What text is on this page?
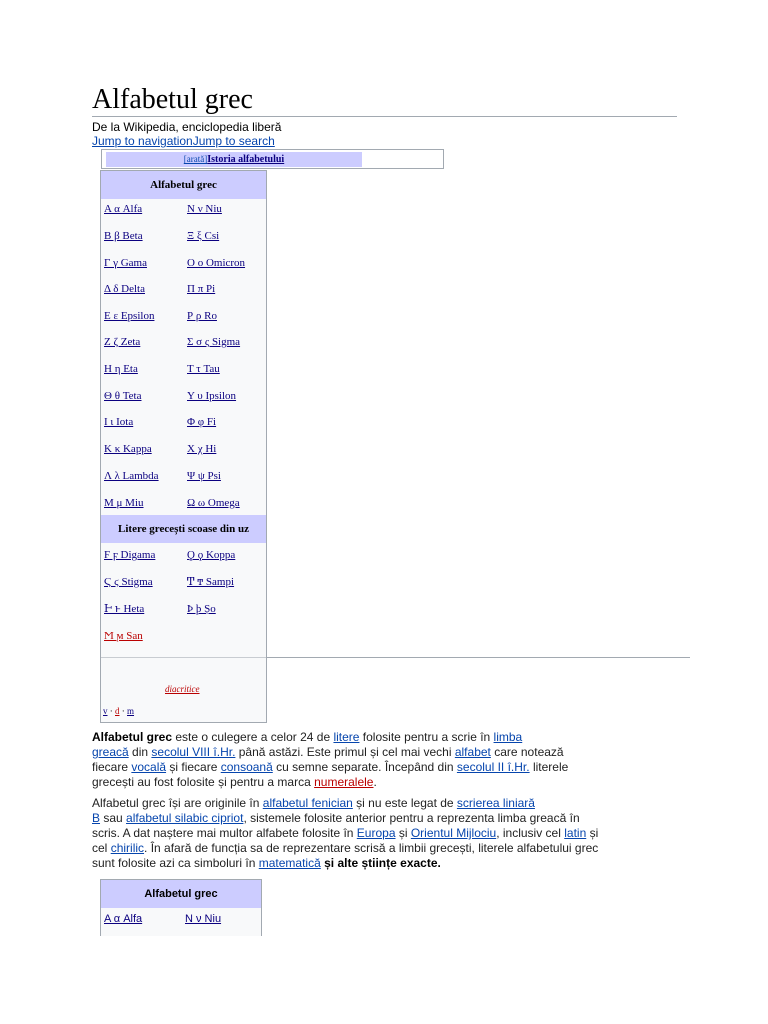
Alfabetul grec
De la Wikipedia, enciclopedia liberă
Jump to navigationJump to search
[arată]Istoria alfabetului
Alfabetul grec
Α α Alfa	Ν ν Niu
Β β Beta	Ξ ξ Csi
Γ γ Gama	Ο ο Omicron
Δ δ Delta	Π π Pi
Ε ε Epsilon	Ρ ρ Ro
Ζ ζ Zeta	Σ σ ς Sigma
Η η Eta	Τ τ Tau
Θ θ Teta	Υ υ Ipsilon
Ι ι Iota	Φ φ Fi
Κ κ Kappa	Χ χ Hi
Λ λ Lambda	Ψ ψ Psi
Μ μ Miu	Ω ω Omega
Litere grecești scoase din uz
Ϝ ϝ Digama	Ϙ ϙ Koppa
Ϛ ϛ Stigma	Ͳ ͳ Sampi
Ͱ ͱ Heta	Ϸ ϸ Șo
Ϻ ϻ San
diacritice
v · d · m
Alfabetul grec este o culegere a celor 24 de litere folosite pentru a scrie în limba
greacă din secolul VIII î.Hr. până astăzi. Este primul și cel mai vechi alfabet care notează
fiecare vocală și fiecare consoană cu semne separate. Începând din secolul II î.Hr. literele
grecești au fost folosite și pentru a marca numeralele.
Alfabetul grec își are originile în alfabetul fenician și nu este legat de scrierea liniară
B sau alfabetul silabic cipriot, sistemele folosite anterior pentru a reprezenta limba greacă în
scris. A dat naștere mai multor alfabete folosite în Europa și Orientul Mijlociu, inclusiv cel latin și
cel chirilic. În afară de funcția sa de reprezentare scrisă a limbii grecești, literele alfabetului grec
sunt folosite azi ca simboluri în matematică și alte științe exacte.
Alfabetul grec
Α α Alfa	Ν ν Niu
